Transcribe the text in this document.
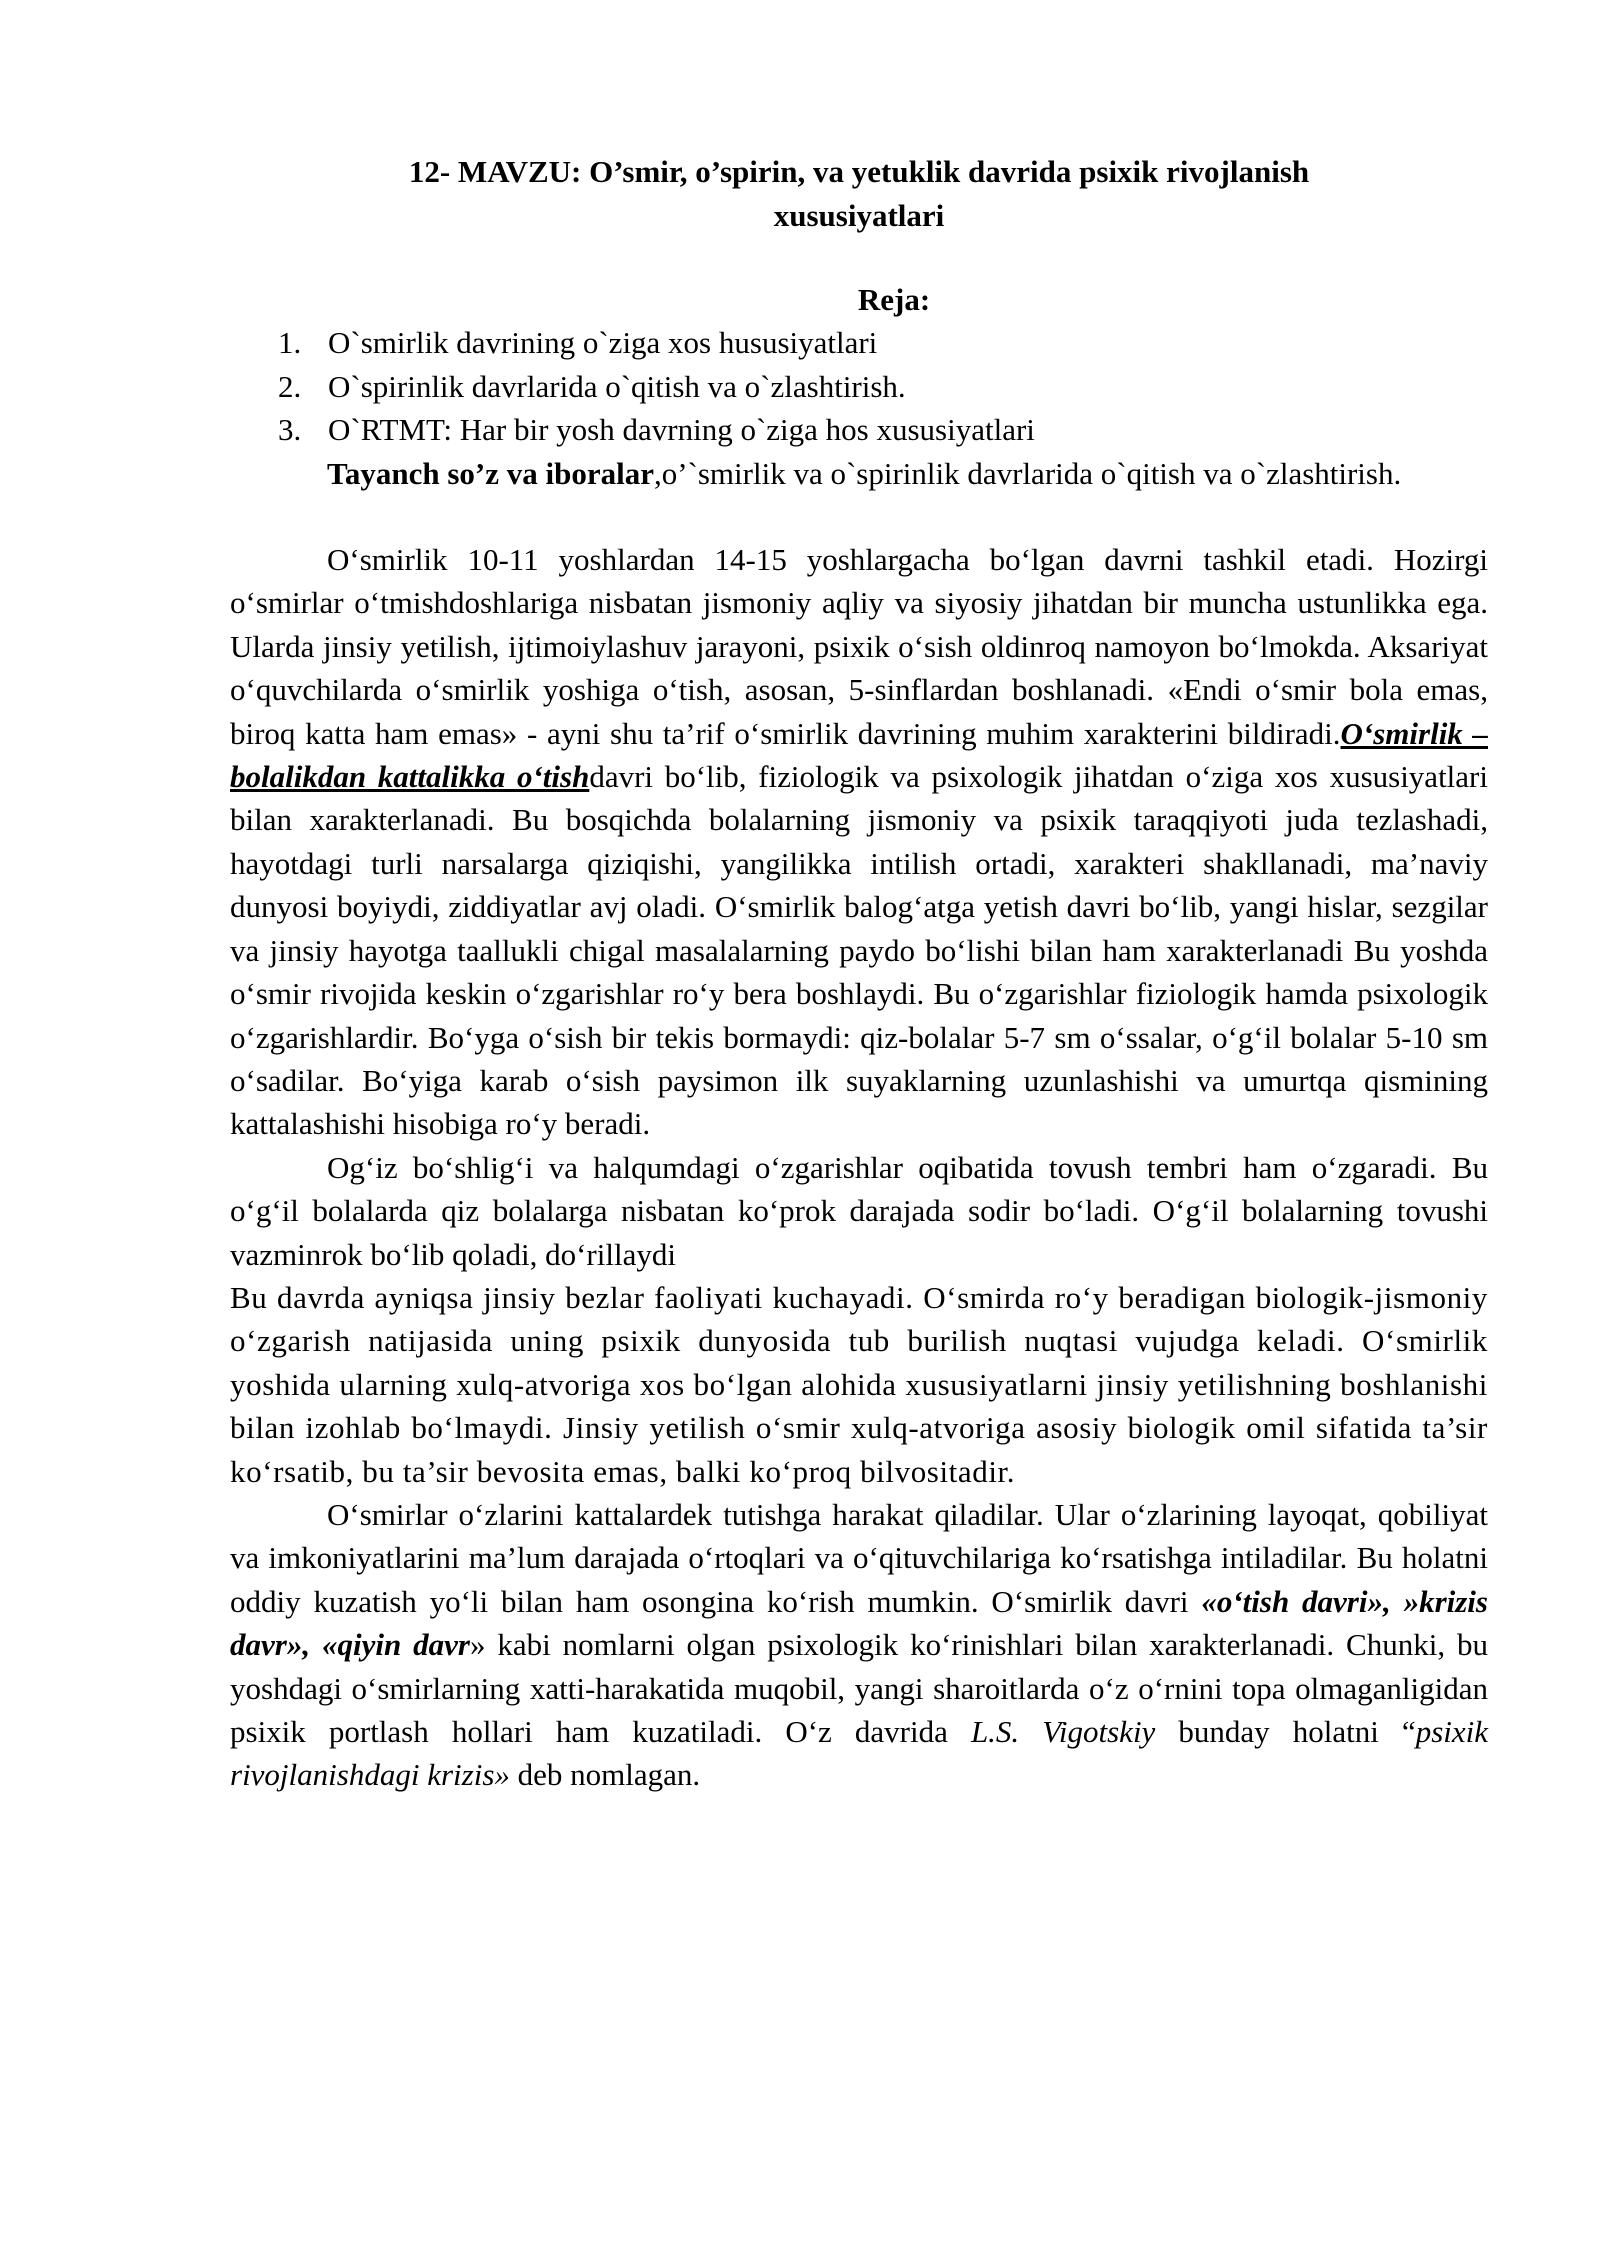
12- MAVZU: O’smir, o’spirin, va yetuklik davrida psixik rivojlanish
xususiyatlari
Reja:
1. O`smirlik davrining o`ziga xos hususiyatlari
2. O`spirinlik davrlarida o`qitish va o`zlashtirish.
3. O`RTMT: Har bir yosh davrning o`ziga hos xususiyatlari
Tayanch so’z va iboralar,o’`smirlik va o`spirinlik davrlarida o`qitish va o`zlashtirish.

O‘smirlik 10-11 yoshlardan 14-15 yoshlargacha bo‘lgan davrni tashkil etadi. Hozirgi o‘smirlar o‘tmishdoshlariga nisbatan jismoniy aqliy va siyosiy jihatdan bir muncha ustunlikka ega. Ularda jinsiy yetilish, ijtimoiylashuv jarayoni, psixik o‘sish oldinroq namoyon bo‘lmokda. Aksariyat o‘quvchilarda o‘smirlik yoshiga o‘tish, asosan, 5-sinflardan boshlanadi. «Endi o‘smir bola emas, biroq katta ham emas» - ayni shu ta’rif o‘smirlik davrining muhim xarakterini bildiradi.O‘smirlik – bolalikdan kattalikka o‘tishdavri bo‘lib, fiziologik va psixologik jihatdan o‘ziga xos xususiyatlari bilan xarakterlanadi. Bu bosqichda bolalarning jismoniy va psixik taraqqiyoti juda tezlashadi, hayotdagi turli narsalarga qiziqishi, yangilikka intilish ortadi, xarakteri shakllanadi, ma’naviy dunyosi boyiydi, ziddiyatlar avj oladi. O‘smirlik balog‘atga yetish davri bo‘lib, yangi hislar, sezgilar va jinsiy hayotga taallukli chigal masalalarning paydo bo‘lishi bilan ham xarakterlanadi Bu yoshda o‘smir rivojida keskin o‘zgarishlar ro‘y bera boshlaydi. Bu o‘zgarishlar fiziologik hamda psixologik o‘zgarishlardir. Bo‘yga o‘sish bir tekis bormaydi: qiz-bolalar 5-7 sm o‘ssalar, o‘g‘il bolalar 5-10 sm o‘sadilar. Bo‘yiga karab o‘sish paysimon ilk suyaklarning uzunlashishi va umurtqa qismining kattalashishi hisobiga ro‘y beradi.

Og‘iz bo‘shlig‘i va halqumdagi o‘zgarishlar oqibatida tovush tembri ham o‘zgaradi. Bu o‘g‘il bolalarda qiz bolalarga nisbatan ko‘prok darajada sodir bo‘ladi. O‘g‘il bolalarning tovushi vazminrok bo‘lib qoladi, do‘rillaydi

Bu davrda ayniqsa jinsiy bezlar faoliyati kuchayadi. O‘smirda ro‘y beradigan biologik-jismoniy o‘zgarish natijasida uning psixik dunyosida tub burilish nuqtasi vujudga keladi. O‘smirlik yoshida ularning xulq-atvoriga xos bo‘lgan alohida xususiyatlarni jinsiy yetilishning boshlanishi bilan izohlab bo‘lmaydi. Jinsiy yetilish o‘smir xulq-atvoriga asosiy biologik omil sifatida ta’sir ko‘rsatib, bu ta’sir bevosita emas, balki ko‘proq bilvositadir.

O‘smirlar o‘zlarini kattalardek tutishga harakat qiladilar. Ular o‘zlarining layoqat, qobiliyat va imkoniyatlarini ma’lum darajada o‘rtoqlari va o‘qituvchilariga ko‘rsatishga intiladilar. Bu holatni oddiy kuzatish yo‘li bilan ham osongina ko‘rish mumkin. O‘smirlik davri «o‘tish davri», »krizis davr», «qiyin davr» kabi nomlarni olgan psixologik ko‘rinishlari bilan xarakterlanadi. Chunki, bu yoshdagi o‘smirlarning xatti-harakatida muqobil, yangi sharoitlarda o‘z o‘rnini topa olmaganligidan psixik portlash hollari ham kuzatiladi. O‘z davrida L.S. Vigotskiy bunday holatni “psixik rivojlanishdagi krizis» deb nomlagan.
